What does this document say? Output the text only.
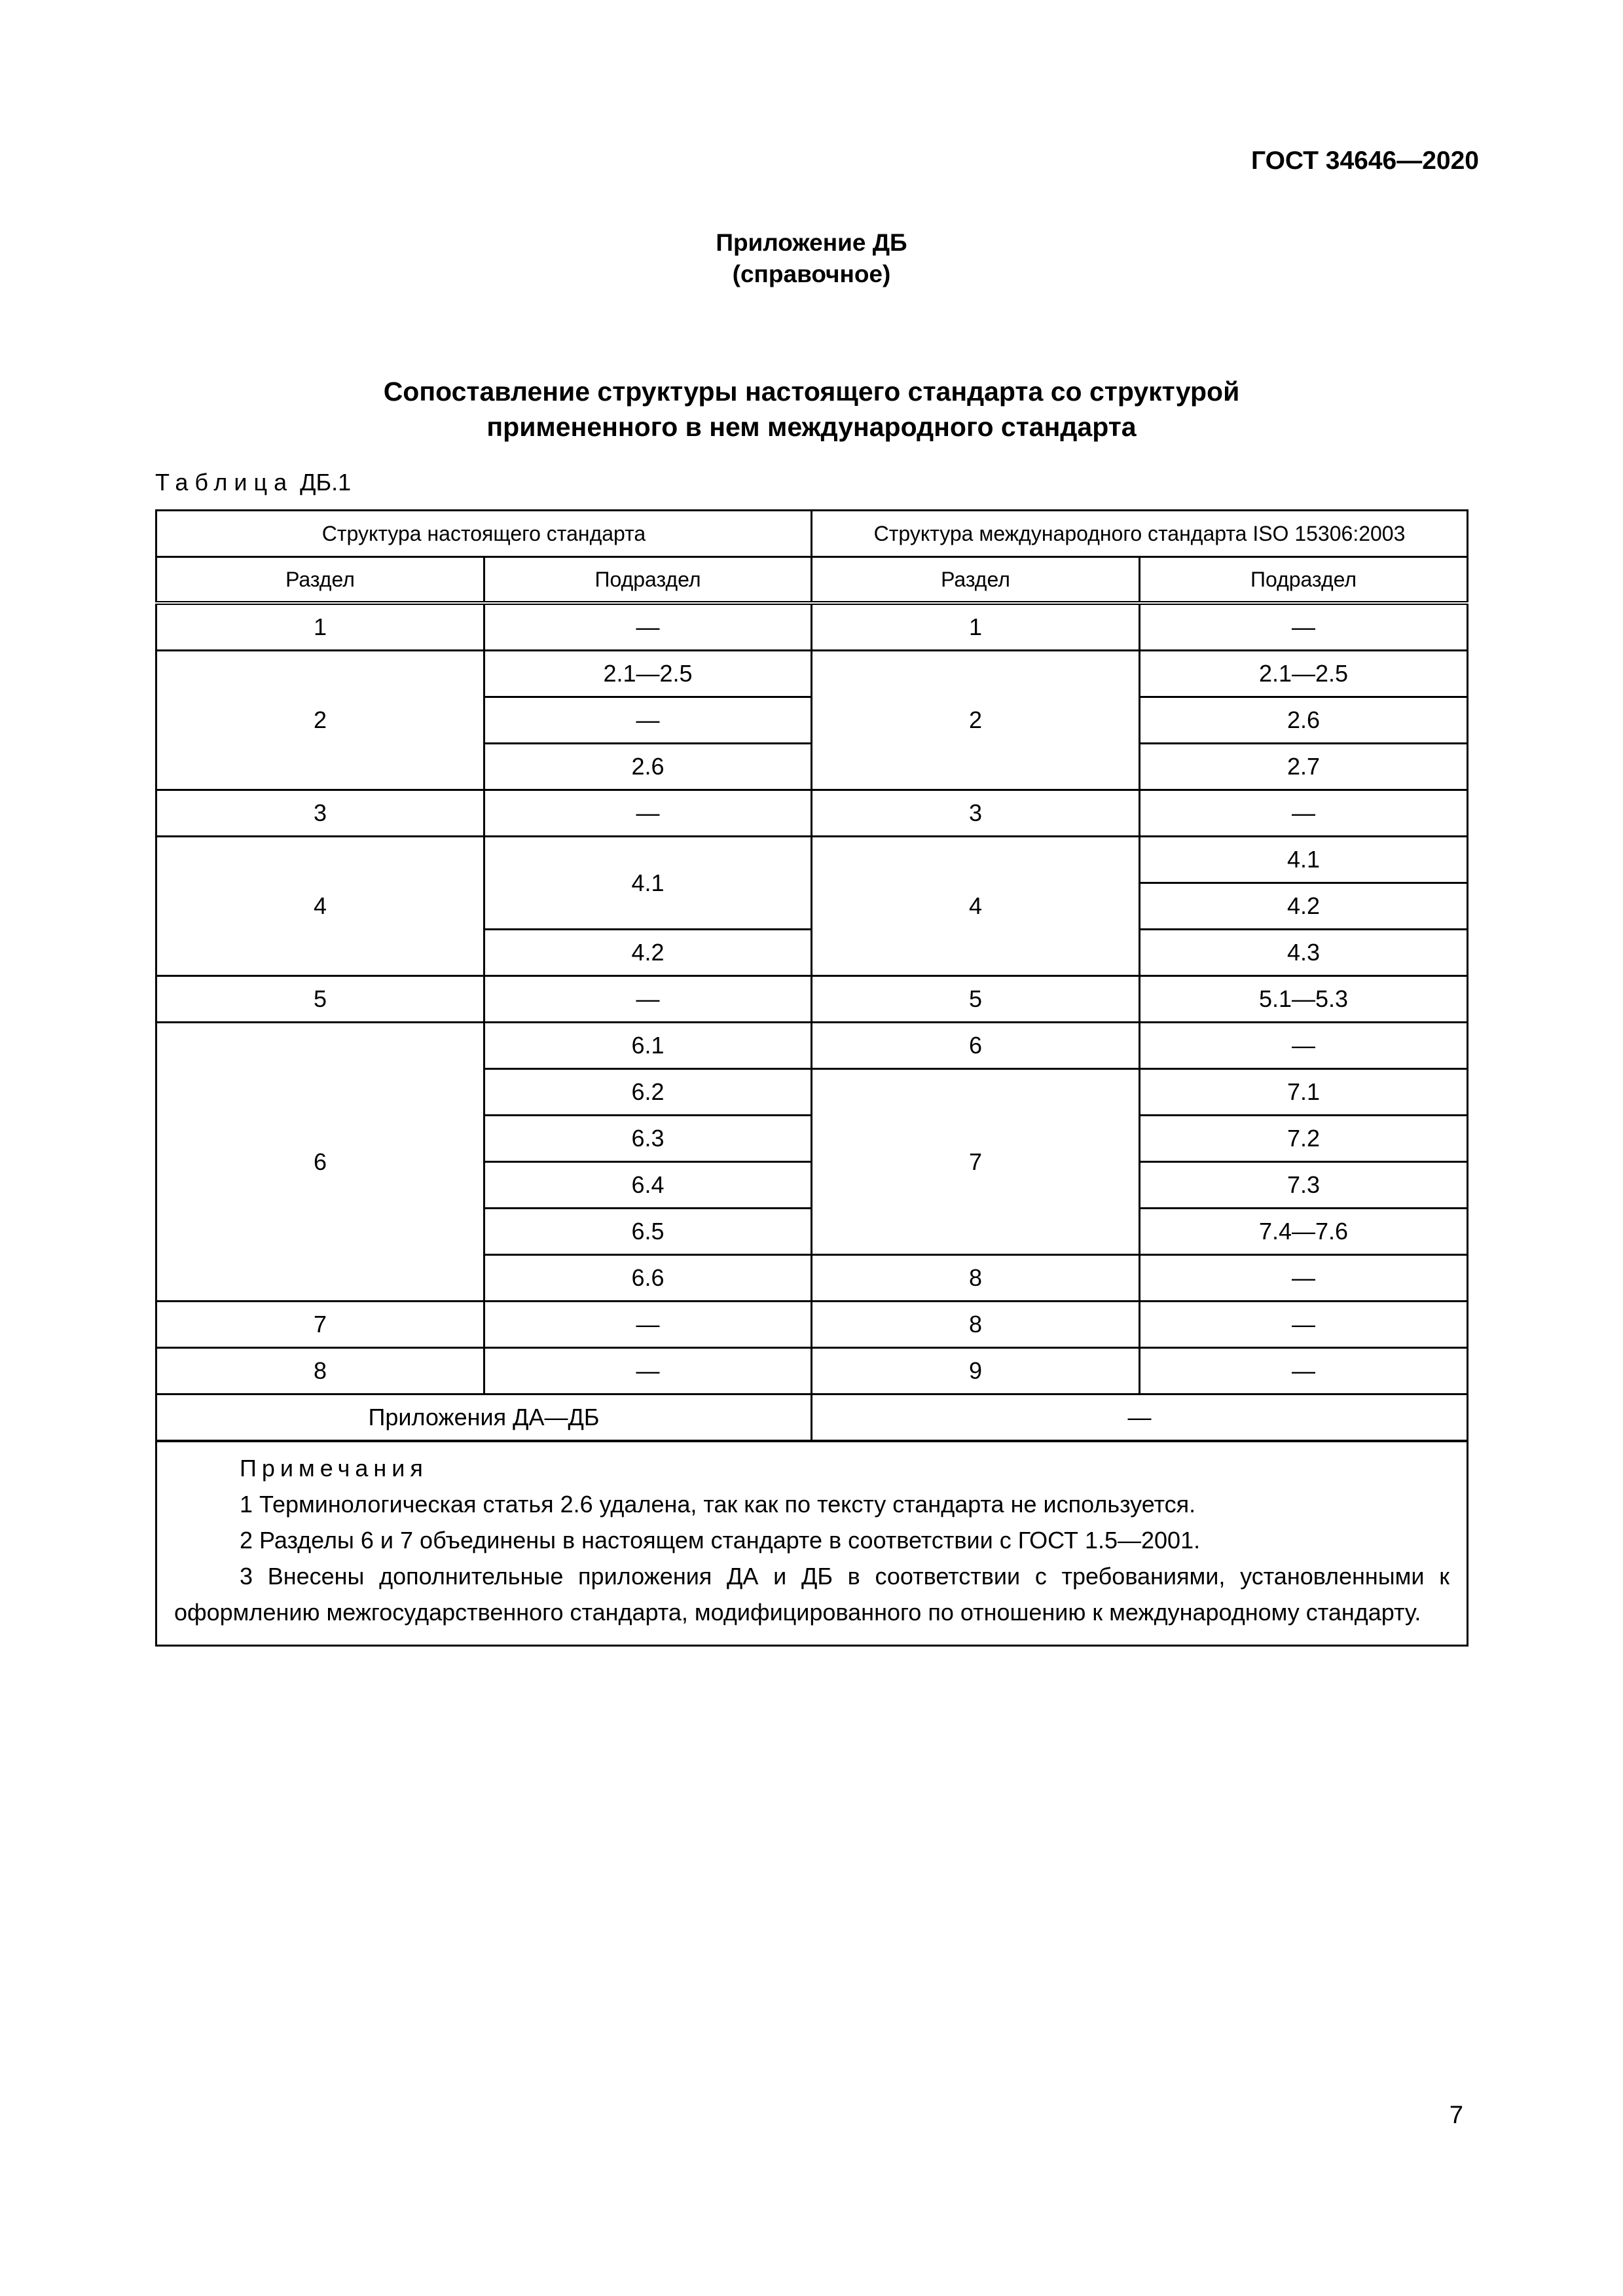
ГОСТ 34646—2020
Приложение ДБ
(справочное)
Сопоставление структуры настоящего стандарта со структурой
примененного в нем международного стандарта
Таблица ДБ.1
Структура настоящего стандарта		Структура международного стандарта ISO 15306:2003	
Раздел	Подраздел	Раздел	Подраздел
1	—	1	—
2	2.1—2.5	2	2.1—2.5
	—		2.6
	2.6		2.7
3	—	3	—
4	4.1	4	4.1
			4.2
	4.2		4.3
5	—	5	5.1—5.3
6	6.1	6	—
	6.2	7	7.1
	6.3		7.2
	6.4		7.3
	6.5		7.4—7.6
	6.6	8	—
7	—	8	—
8	—	9	—
Приложения ДА—ДБ		—	

Примечания
1 Терминологическая статья 2.6 удалена, так как по тексту стандарта не используется.
2 Разделы 6 и 7 объединены в настоящем стандарте в соответствии с ГОСТ 1.5—2001.
3 Внесены дополнительные приложения ДА и ДБ в соответствии с требованиями, установленными к оформлению межгосударственного стандарта, модифицированного по отношению к международному стандарту.			
7
